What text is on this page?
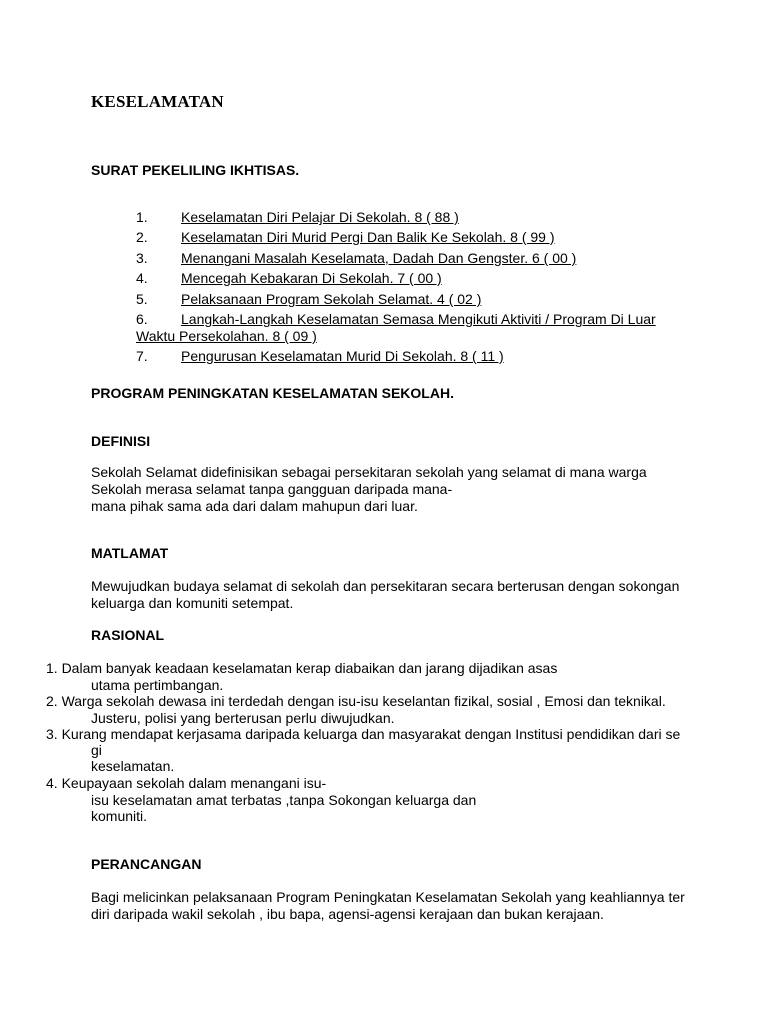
KESELAMATAN
SURAT PEKELILING IKHTISAS.
1. Keselamatan Diri Pelajar Di Sekolah. 8 ( 88 )
2. Keselamatan Diri Murid Pergi Dan Balik Ke Sekolah. 8 ( 99 )
3. Menangani Masalah Keselamata, Dadah Dan Gengster. 6 ( 00 )
4. Mencegah Kebakaran Di Sekolah. 7 ( 00 )
5. Pelaksanaan Program Sekolah Selamat. 4 ( 02 )
6. Langkah-Langkah Keselamatan Semasa Mengikuti Aktiviti / Program Di Luar
Waktu Persekolahan. 8 ( 09 )
7. Pengurusan Keselamatan Murid Di Sekolah. 8 ( 11 )
PROGRAM PENINGKATAN KESELAMATAN SEKOLAH.
DEFINISI
Sekolah Selamat didefinisikan sebagai persekitaran sekolah yang selamat di mana warga
Sekolah merasa selamat tanpa gangguan daripada mana-
mana pihak sama ada dari dalam mahupun dari luar.
MATLAMAT
Mewujudkan budaya selamat di sekolah dan persekitaran secara berterusan dengan sokongan
keluarga dan komuniti setempat.
RASIONAL
1. Dalam banyak keadaan keselamatan kerap diabaikan dan jarang dijadikan asas
utama pertimbangan.
2. Warga sekolah dewasa ini terdedah dengan isu-isu keselantan fizikal, sosial , Emosi dan teknikal.
Justeru, polisi yang berterusan perlu diwujudkan.
3. Kurang mendapat kerjasama daripada keluarga dan masyarakat dengan Institusi pendidikan dari se
gi
keselamatan.
4. Keupayaan sekolah dalam menangani isu-
isu keselamatan amat terbatas ,tanpa Sokongan keluarga dan
komuniti.
PERANCANGAN
Bagi melicinkan pelaksanaan Program Peningkatan Keselamatan Sekolah yang keahliannya ter
diri daripada wakil sekolah , ibu bapa, agensi-agensi kerajaan dan bukan kerajaan.
